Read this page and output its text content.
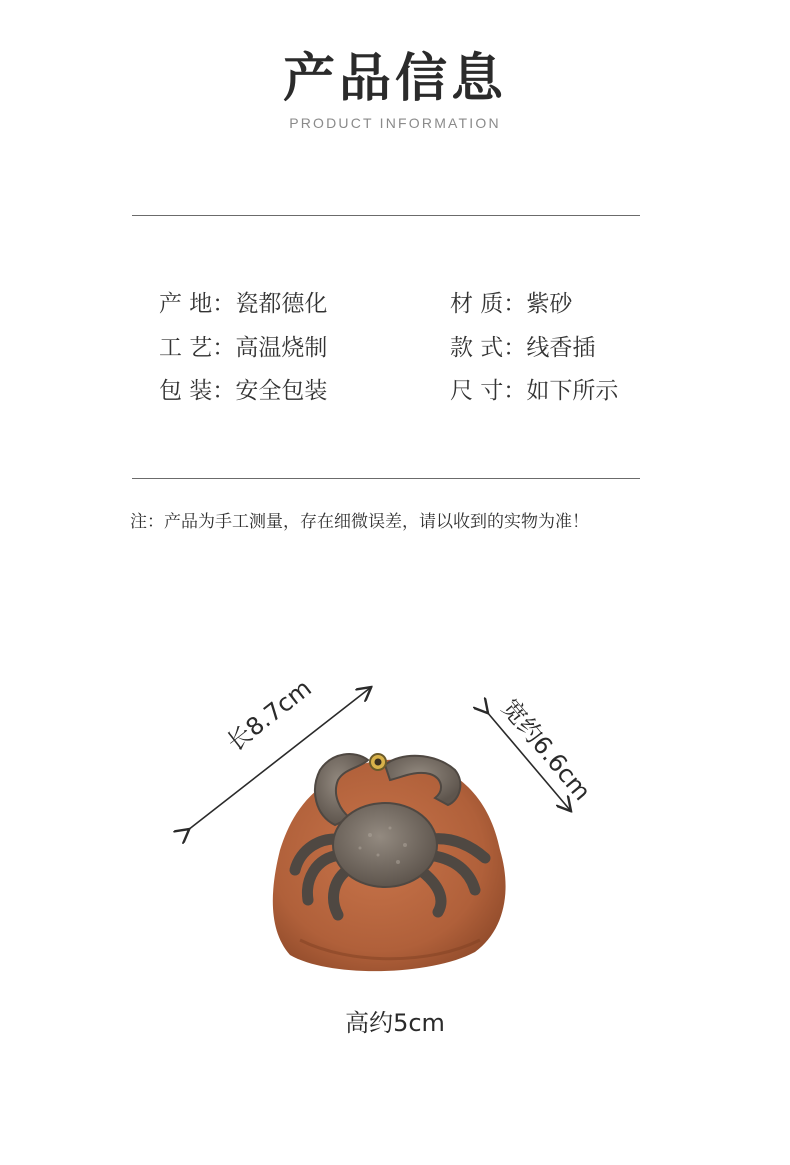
产品信息
PRODUCT INFORMATION
产 地：瓷都德化	材 质：紫砂
工 艺：高温烧制	款 式：线香插
包 装：安全包装	尺 寸：如下所示
注：产品为手工测量，存在细微误差，请以收到的实物为准！
长8.7cm	宽约6.6cm
高约5cm
